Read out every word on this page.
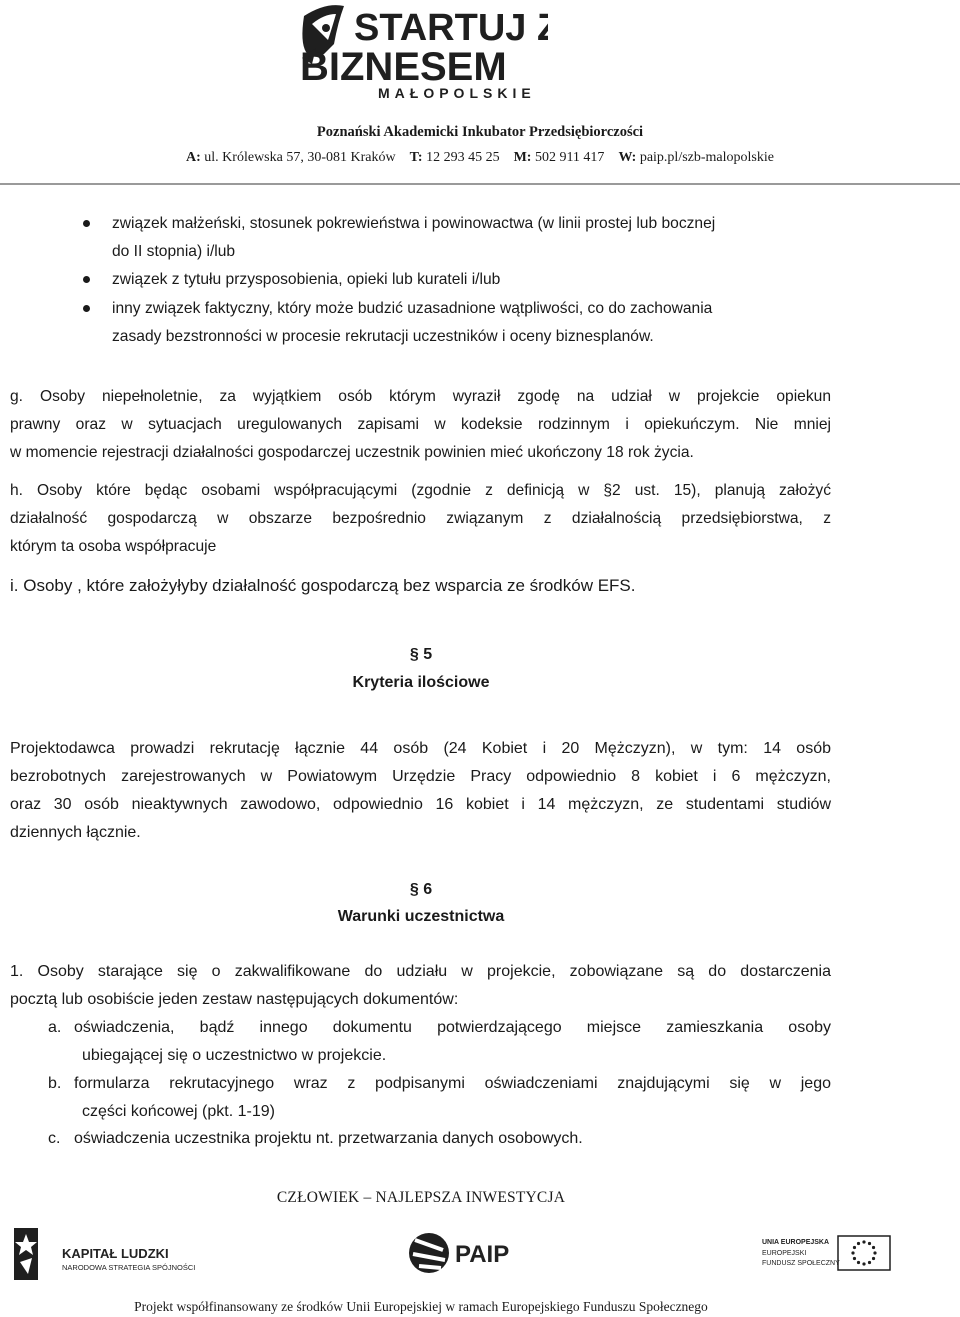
STARTUJ Z
BIZNESEM
MAŁOPOLSKIE
Poznański Akademicki Inkubator Przedsiębiorczości
A: ul. Królewska 57, 30-081 Kraków T: 12 293 45 25 M: 502 911 417 W: paip.pl/szb-malopolskie
związek małżeński, stosunek pokrewieństwa i powinowactwa (w linii prostej lub bocznej
do II stopnia) i/lub
związek z tytułu przysposobienia, opieki lub kurateli i/lub
inny związek faktyczny, który może budzić uzasadnione wątpliwości, co do zachowania
zasady bezstronności w procesie rekrutacji uczestników i oceny biznesplanów.
g. Osoby niepełnoletnie, za wyjątkiem osób którym wyraził zgodę na udział w projekcie opiekun
prawny oraz w sytuacjach uregulowanych zapisami w kodeksie rodzinnym i opiekuńczym. Nie mniej
w momencie rejestracji działalności gospodarczej uczestnik powinien mieć ukończony 18 rok życia.
h. Osoby które będąc osobami współpracującymi (zgodnie z definicją w §2 ust. 15), planują założyć
działalność gospodarczą w obszarze bezpośrednio związanym z działalnością przedsiębiorstwa, z
którym ta osoba współpracuje
i. Osoby , które założyłyby działalność gospodarczą bez wsparcia ze środków EFS.
§ 5
Kryteria ilościowe
Projektodawca prowadzi rekrutację łącznie 44 osób (24 Kobiet i 20 Mężczyzn), w tym: 14 osób
bezrobotnych zarejestrowanych w Powiatowym Urzędzie Pracy odpowiednio 8 kobiet i 6 mężczyzn,
oraz 30 osób nieaktywnych zawodowo, odpowiednio 16 kobiet i 14 mężczyzn, ze studentami studiów
dziennych łącznie.
§ 6
Warunki uczestnictwa
1. Osoby starające się o zakwalifikowane do udziału w projekcie, zobowiązane są do dostarczenia
pocztą lub osobiście jeden zestaw następujących dokumentów:
a. oświadczenia, bądź innego dokumentu potwierdzającego miejsce zamieszkania osoby
ubiegającej się o uczestnictwo w projekcie.
b. formularza rekrutacyjnego wraz z podpisanymi oświadczeniami znajdującymi się w jego
części końcowej (pkt. 1-19)
c. oświadczenia uczestnika projektu nt. przetwarzania danych osobowych.
CZŁOWIEK – NAJLEPSZA INWESTYCJA
KAPITAŁ LUDZKI
NARODOWA STRATEGIA SPÓJNOŚCI	PAIP	UNIA EUROPEJSKA
EUROPEJSKI
FUNDUSZ SPOŁECZNY
Projekt współfinansowany ze środków Unii Europejskiej w ramach Europejskiego Funduszu Społecznego
